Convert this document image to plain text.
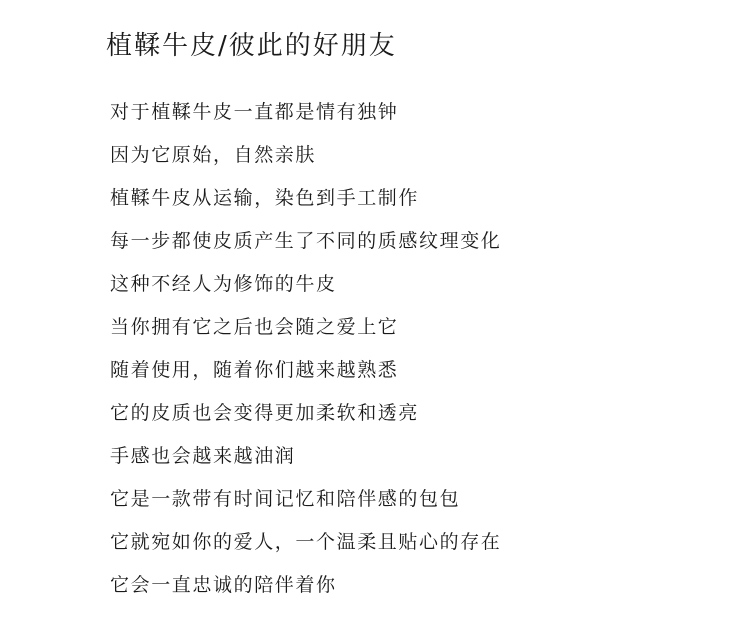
植鞣牛皮/彼此的好朋友
对于植鞣牛皮一直都是情有独钟
因为它原始，自然亲肤
植鞣牛皮从运输，染色到手工制作
每一步都使皮质产生了不同的质感纹理变化
这种不经人为修饰的牛皮
当你拥有它之后也会随之爱上它
随着使用，随着你们越来越熟悉
它的皮质也会变得更加柔软和透亮
手感也会越来越油润
它是一款带有时间记忆和陪伴感的包包
它就宛如你的爱人，一个温柔且贴心的存在
它会一直忠诚的陪伴着你
